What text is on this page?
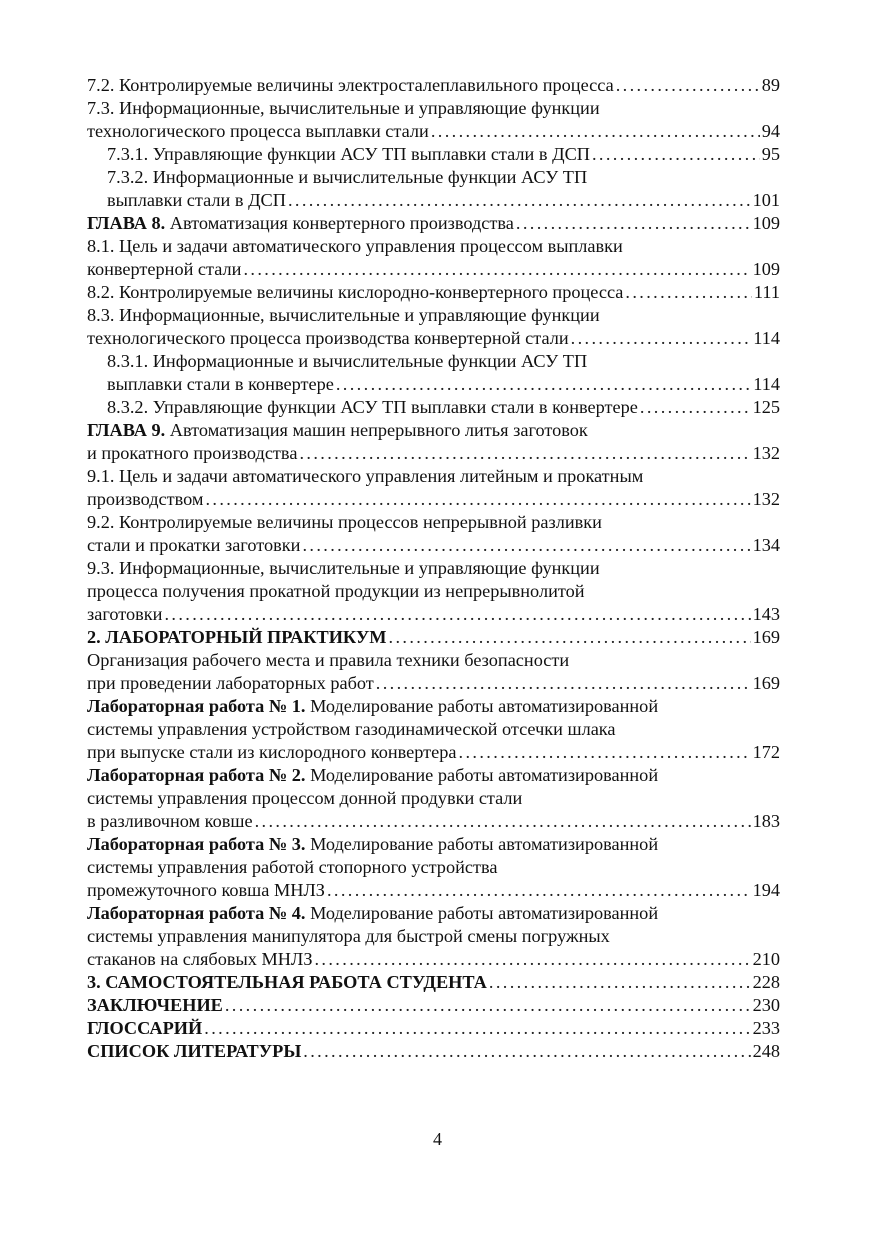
7.2. Контролируемые величины электросталеплавильного процесса . . .	89
7.3. Информационные, вычислительные и управляющие функции
технологического процесса выплавки стали . . .	94
7.3.1. Управляющие функции АСУ ТП выплавки стали в ДСП . . .	95
7.3.2. Информационные и вычислительные функции АСУ ТП
выплавки стали в ДСП . . .	101
ГЛАВА 8. Автоматизация конвертерного производства . . .	109
8.1. Цель и задачи автоматического управления процессом выплавки
конвертерной стали . . .	109
8.2. Контролируемые величины кислородно-конвертерного процесса . . .	111
8.3. Информационные, вычислительные и управляющие функции
технологического процесса производства конвертерной стали . . .	114
8.3.1. Информационные и вычислительные функции АСУ ТП
выплавки стали в конвертере . . .	114
8.3.2. Управляющие функции АСУ ТП выплавки стали в конвертере . . .	125
ГЛАВА 9. Автоматизация машин непрерывного литья заготовок
и прокатного производства . . .	132
9.1. Цель и задачи автоматического управления литейным и прокатным
производством . . .	132
9.2. Контролируемые величины процессов непрерывной разливки
стали и прокатки заготовки . . .	134
9.3. Информационные, вычислительные и управляющие функции
процесса получения прокатной продукции из непрерывнолитой
заготовки . . .	143
2. ЛАБОРАТОРНЫЙ ПРАКТИКУМ . . .	169
Организация рабочего места и правила техники безопасности
при проведении лабораторных работ . . .	169
Лабораторная работа № 1. Моделирование работы автоматизированной
системы управления устройством газодинамической отсечки шлака
при выпуске стали из кислородного конвертера . . .	172
Лабораторная работа № 2. Моделирование работы автоматизированной
системы управления процессом донной продувки стали
в разливочном ковше . . .	183
Лабораторная работа № 3. Моделирование работы автоматизированной
системы управления работой стопорного устройства
промежуточного ковша МНЛЗ . . .	194
Лабораторная работа № 4. Моделирование работы автоматизированной
системы управления манипулятора для быстрой смены погружных
стаканов на слябовых МНЛЗ . . .	210
3. САМОСТОЯТЕЛЬНАЯ РАБОТА СТУДЕНТА . . .	228
ЗАКЛЮЧЕНИЕ . . .	230
ГЛОССАРИЙ . . .	233
СПИСОК ЛИТЕРАТУРЫ . . .	248
4
